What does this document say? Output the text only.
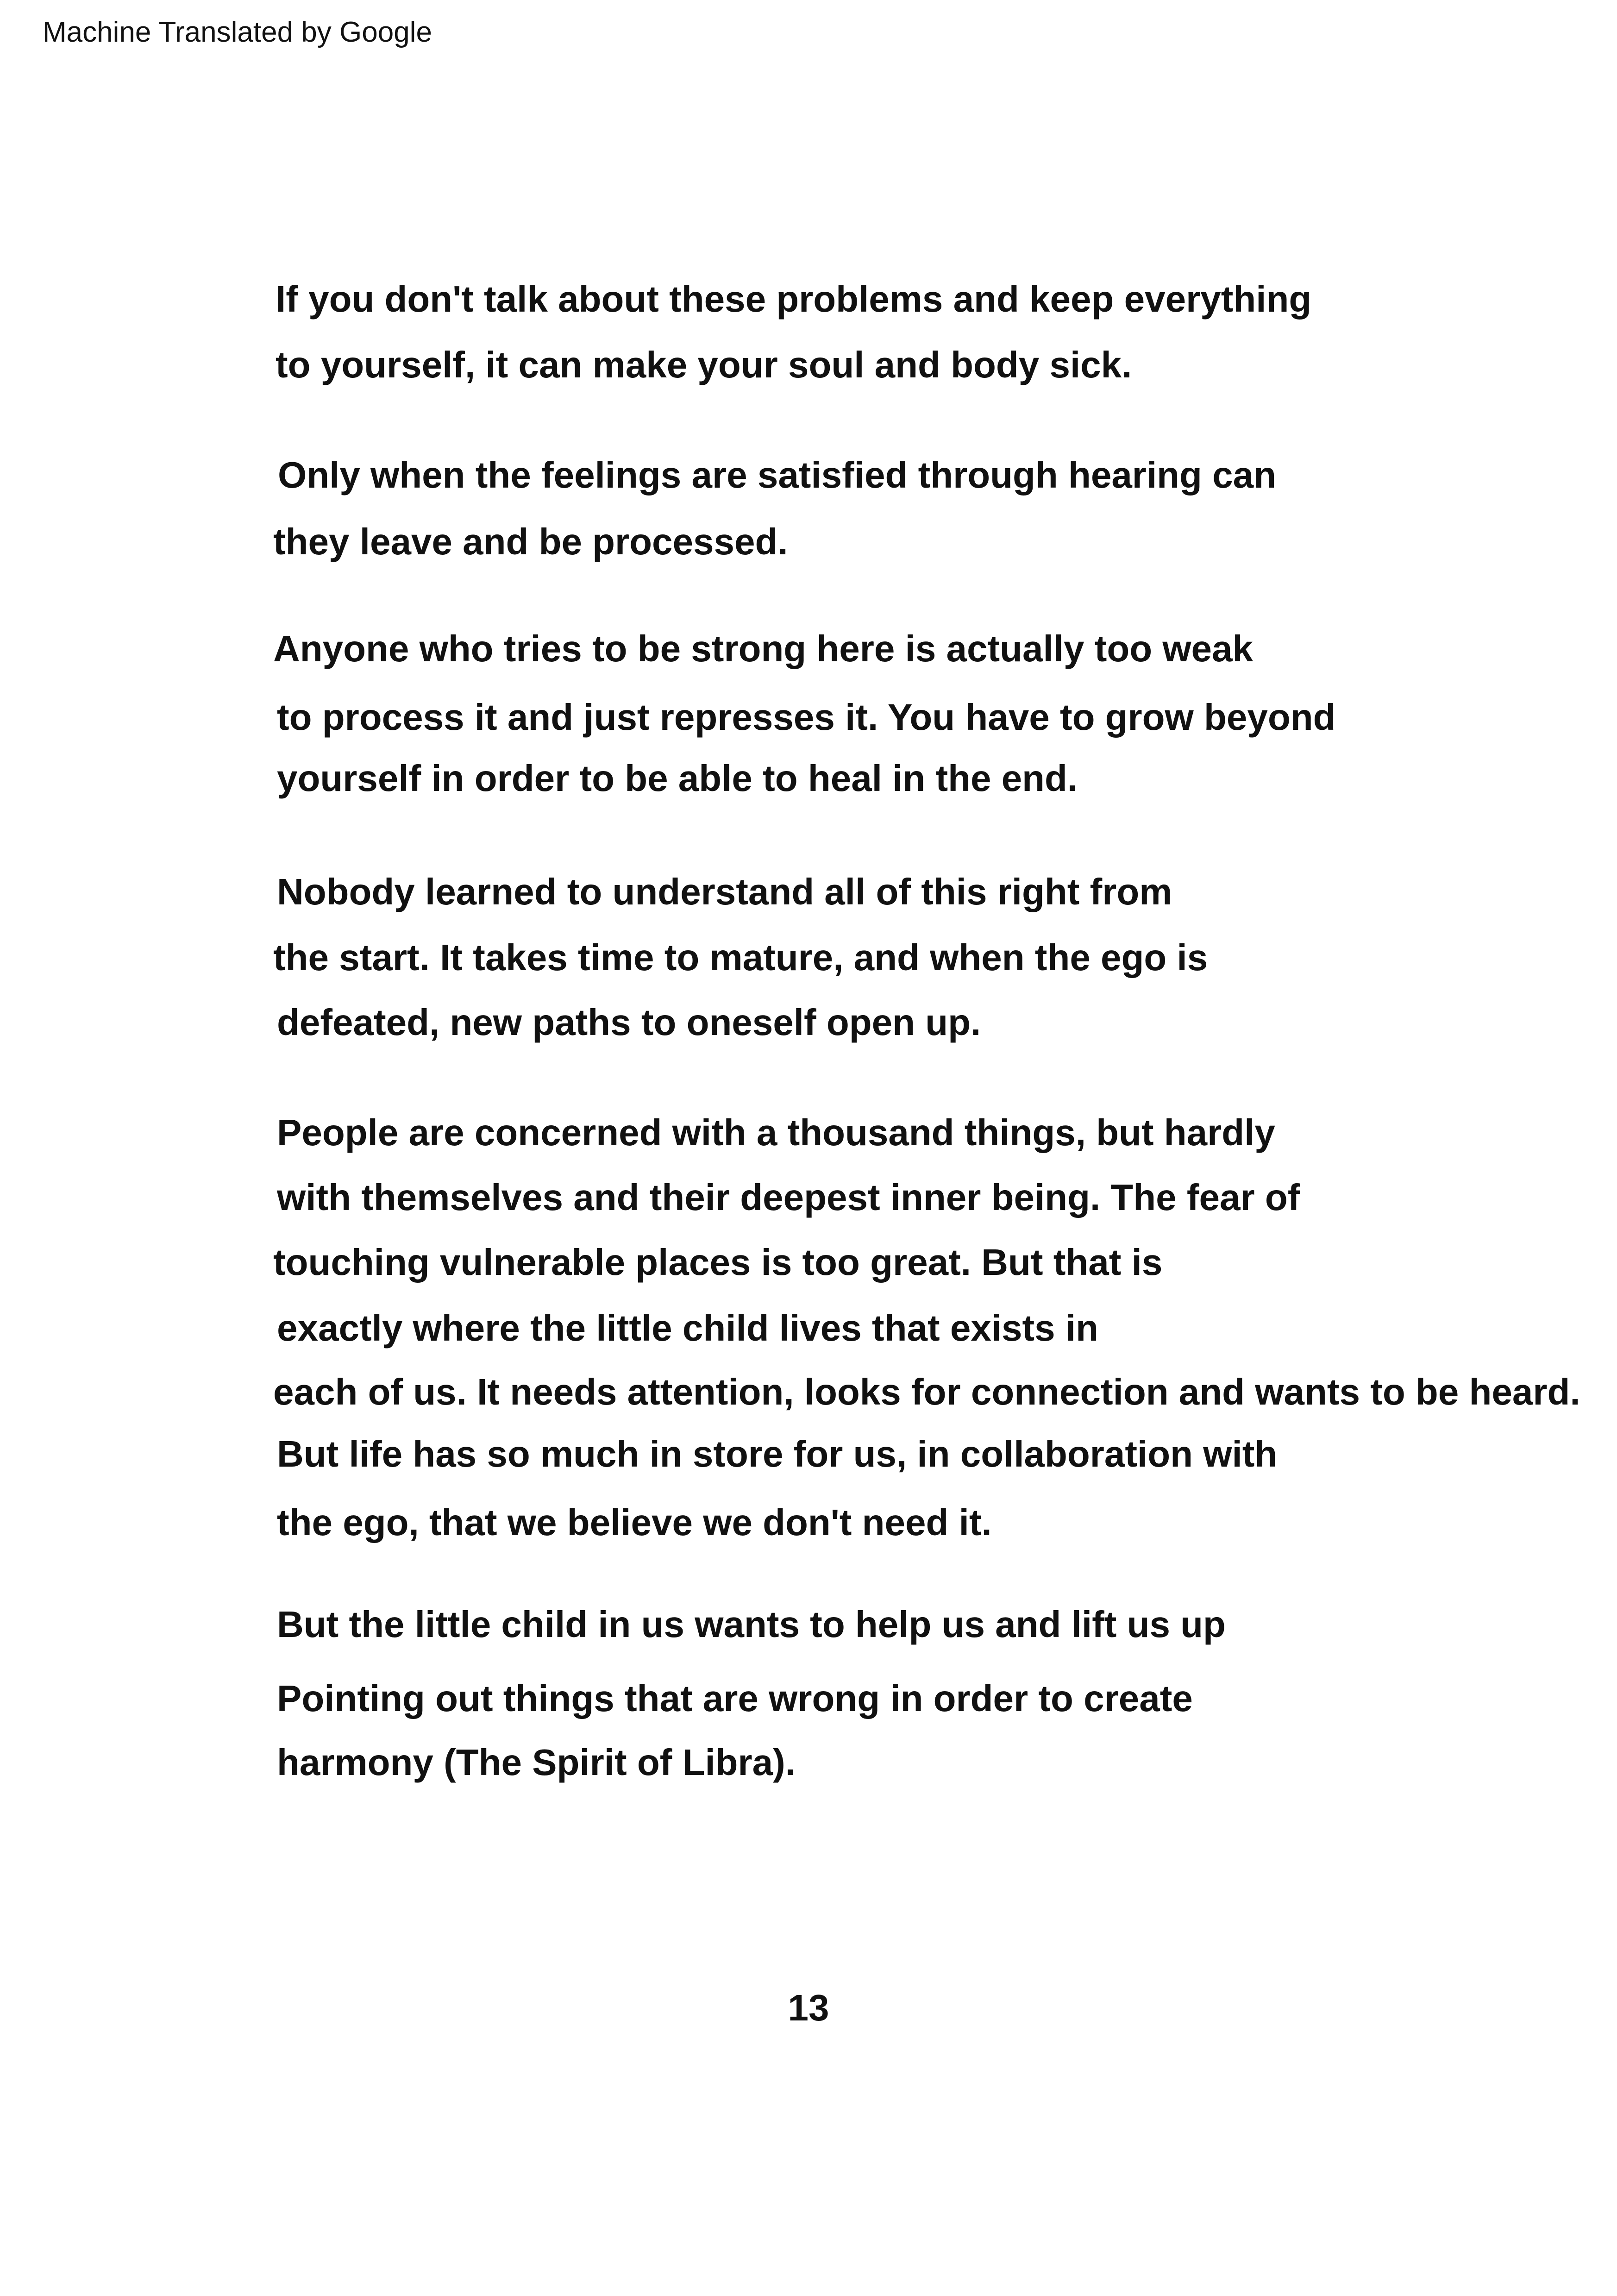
Machine Translated by Google
If you don't talk about these problems and keep everything
to yourself, it can make your soul and body sick.
Only when the feelings are satisfied through hearing can
they leave and be processed.
Anyone who tries to be strong here is actually too weak
to process it and just represses it. You have to grow beyond
yourself in order to be able to heal in the end.
Nobody learned to understand all of this right from
the start. It takes time to mature, and when the ego is
defeated, new paths to oneself open up.
People are concerned with a thousand things, but hardly
with themselves and their deepest inner being. The fear of
touching vulnerable places is too great. But that is
exactly where the little child lives that exists in
each of us. It needs attention, looks for connection and wants to be heard.
But life has so much in store for us, in collaboration with
the ego, that we believe we don't need it.
But the little child in us wants to help us and lift us up
Pointing out things that are wrong in order to create
harmony (The Spirit of Libra).
13
